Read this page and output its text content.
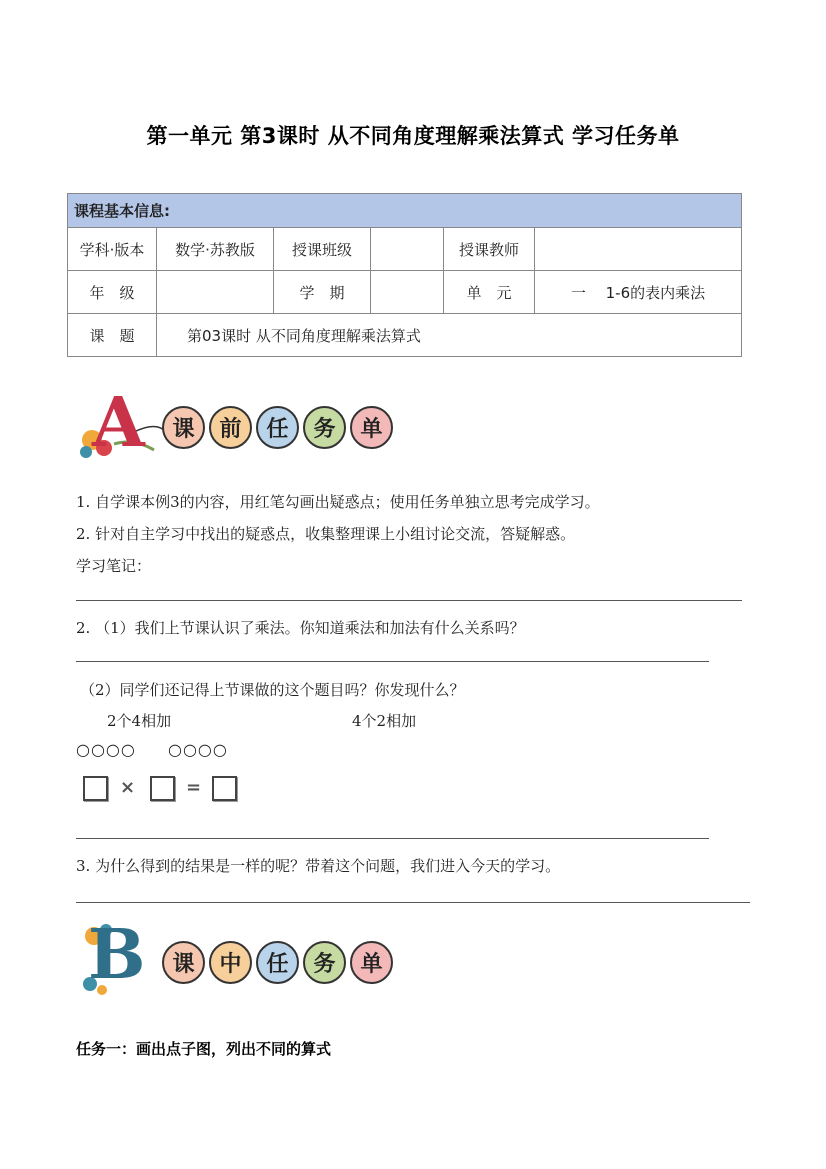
第一单元 第3课时 从不同角度理解乘法算式 学习任务单
课程基本信息:					
学科·版本	数学·苏教版	授课班级		授课教师	
年　级		学　期		单　元	一　 1-6的表内乘法
课　题	第03课时 从不同角度理解乘法算式				
A	课	前	任	务	单
1. 自学课本例3的内容，用红笔勾画出疑惑点；使用任务单独立思考完成学习。
2. 针对自主学习中找出的疑惑点，收集整理课上小组讨论交流，答疑解惑。
学习笔记：
2. （1）我们上节课认识了乘法。你知道乘法和加法有什么关系吗？
（2）同学们还记得上节课做的这个题目吗？你发现什么？
2个4相加	4个2相加
○○○○ ○○○○
×	=
3. 为什么得到的结果是一样的呢？带着这个问题，我们进入今天的学习。
B	课	中	任	务	单
任务一：画出点子图，列出不同的算式
